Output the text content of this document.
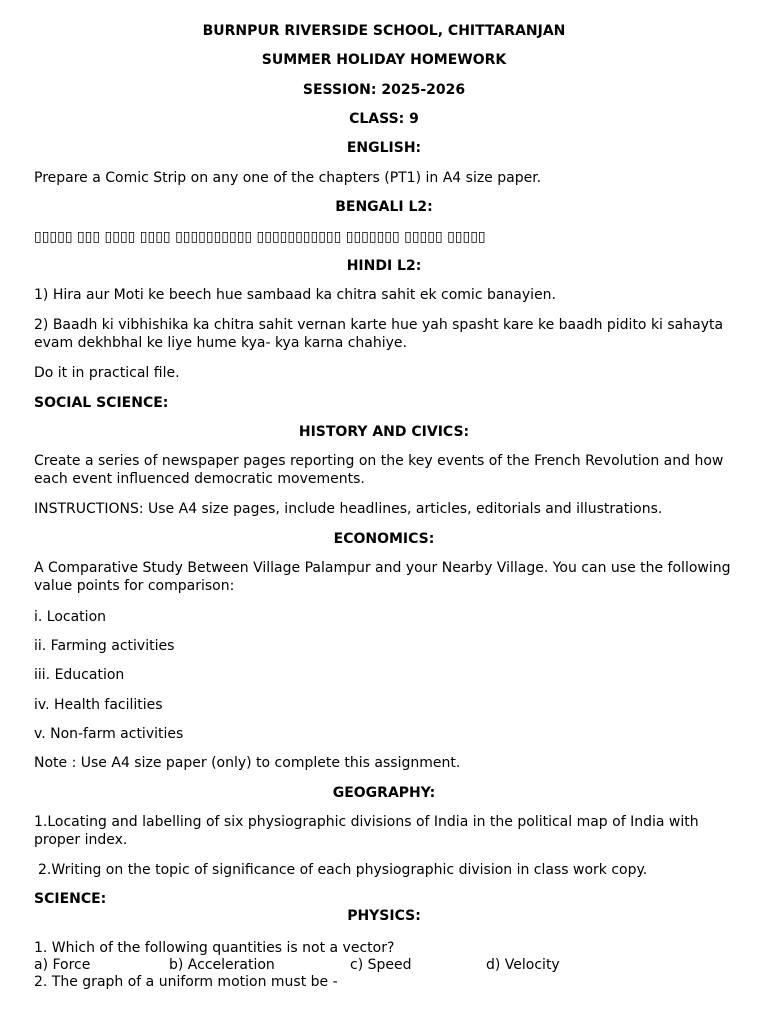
BURNPUR RIVERSIDE SCHOOL, CHITTARANJAN
SUMMER HOLIDAY HOMEWORK
SESSION: 2025-2026
CLASS: 9
ENGLISH:
Prepare a Comic Strip on any one of the chapters (PT1) in A4 size paper.
BENGALI L2:
▯▯▯▯▯ ▯▯▯ ▯▯▯▯ ▯▯▯▯ ▯▯▯▯▯▯▯▯▯▯ ▯▯▯▯▯▯▯▯▯▯▯ ▯▯▯▯▯▯▯ ▯▯▯▯▯ ▯▯▯▯▯
HINDI L2:
1) Hira aur Moti ke beech hue sambaad ka chitra sahit ek comic banayien.
2) Baadh ki vibhishika ka chitra sahit vernan karte hue yah spasht kare ke baadh pidito ki sahayta evam dekhbhal ke liye hume kya- kya karna chahiye.
Do it in practical file.
SOCIAL SCIENCE:
HISTORY AND CIVICS:
Create a series of newspaper pages reporting on the key events of the French Revolution and how each event influenced democratic movements.
INSTRUCTIONS: Use A4 size pages, include headlines, articles, editorials and illustrations.
ECONOMICS:
A Comparative Study Between Village Palampur and your Nearby Village. You can use the following value points for comparison:
i. Location
ii. Farming activities
iii. Education
iv. Health facilities
v. Non-farm activities
Note : Use A4 size paper (only) to complete this assignment.
GEOGRAPHY:
1.Locating and labelling of six physiographic divisions of India in the political map of India with proper index.
2.Writing on the topic of significance of each physiographic division in class work copy.
SCIENCE:
PHYSICS:
1. Which of the following quantities is not a vector?
a) Force	b) Acceleration	c) Speed	d) Velocity
2. The graph of a uniform motion must be -
